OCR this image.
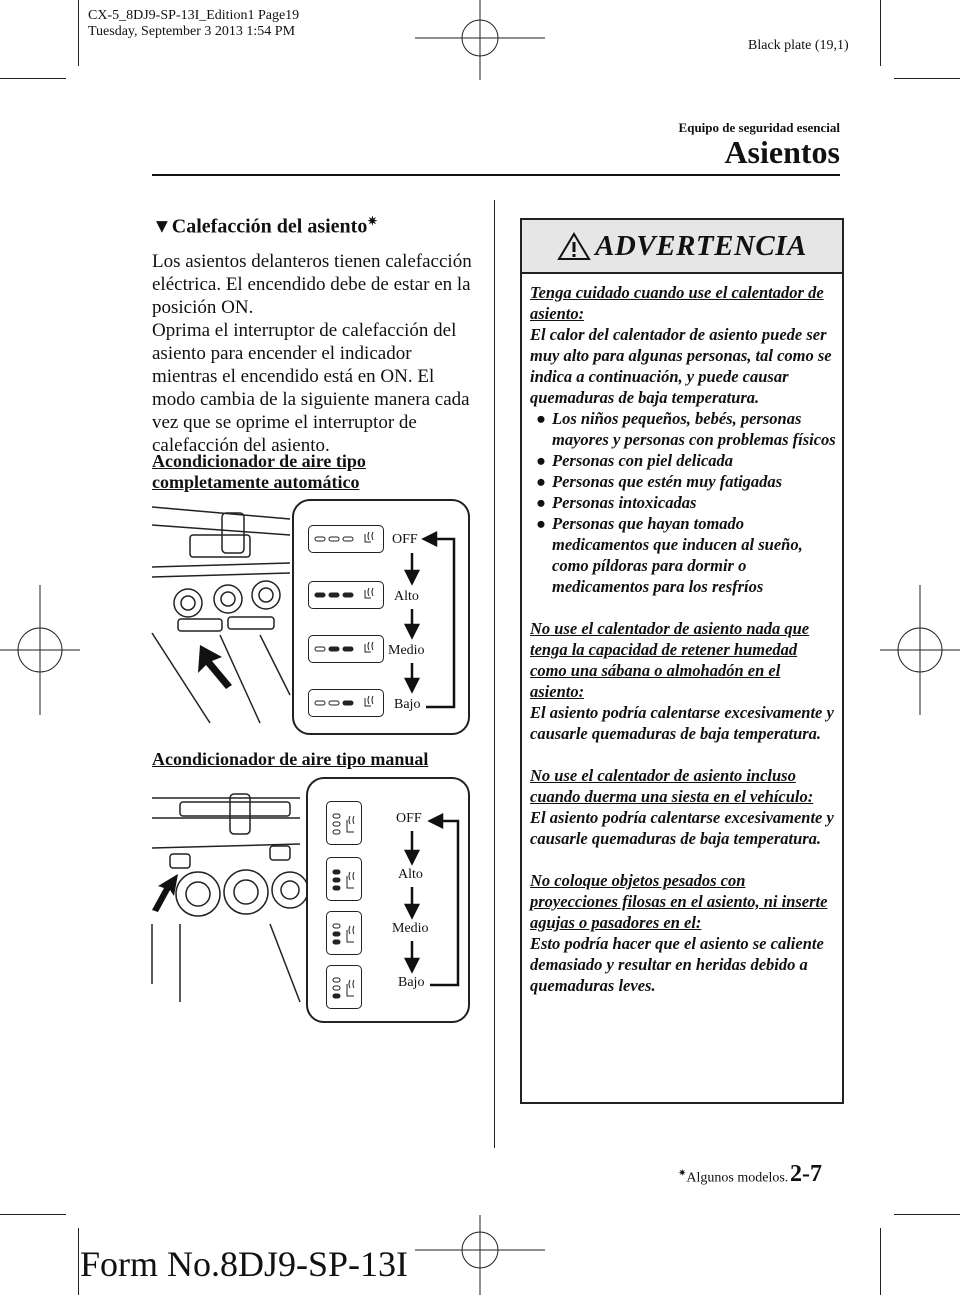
CX-5_8DJ9-SP-13I_Edition1 Page19
Tuesday, September 3 2013 1:54 PM
Black plate (19,1)
Equipo de seguridad esencial
Asientos
▼Calefacción del asiento✷
Los asientos delanteros tienen calefacción eléctrica. El encendido debe de estar en la posición ON.
Oprima el interruptor de calefacción del asiento para encender el indicador mientras el encendido está en ON. El modo cambia de la siguiente manera cada vez que se oprime el interruptor de calefacción del asiento.
Acondicionador de aire tipo
completamente automático
OFF
Alto
Medio
Bajo
Acondicionador de aire tipo manual
OFF
Alto
Medio
Bajo
ADVERTENCIA

Tenga cuidado cuando use el calentador de asiento:

El calor del calentador de asiento puede ser muy alto para algunas personas, tal como se indica a continuación, y puede causar quemaduras de baja temperatura.

● Los niños pequeños, bebés, personas mayores y personas con problemas físicos
● Personas con piel delicada
● Personas que estén muy fatigadas
● Personas intoxicadas
● Personas que hayan tomado medicamentos que inducen al sueño, como píldoras para dormir o medicamentos para los resfríos

No use el calentador de asiento nada que tenga la capacidad de retener humedad como una sábana o almohadón en el asiento:

El asiento podría calentarse excesivamente y causarle quemaduras de baja temperatura.

No use el calentador de asiento incluso cuando duerma una siesta en el vehículo:

El asiento podría calentarse excesivamente y causarle quemaduras de baja temperatura.

No coloque objetos pesados con proyecciones filosas en el asiento, ni inserte agujas o pasadores en el:

Esto podría hacer que el asiento se caliente demasiado y resultar en heridas debido a quemaduras leves.

✷Algunos modelos. 2-7
Form No.8DJ9-SP-13I
